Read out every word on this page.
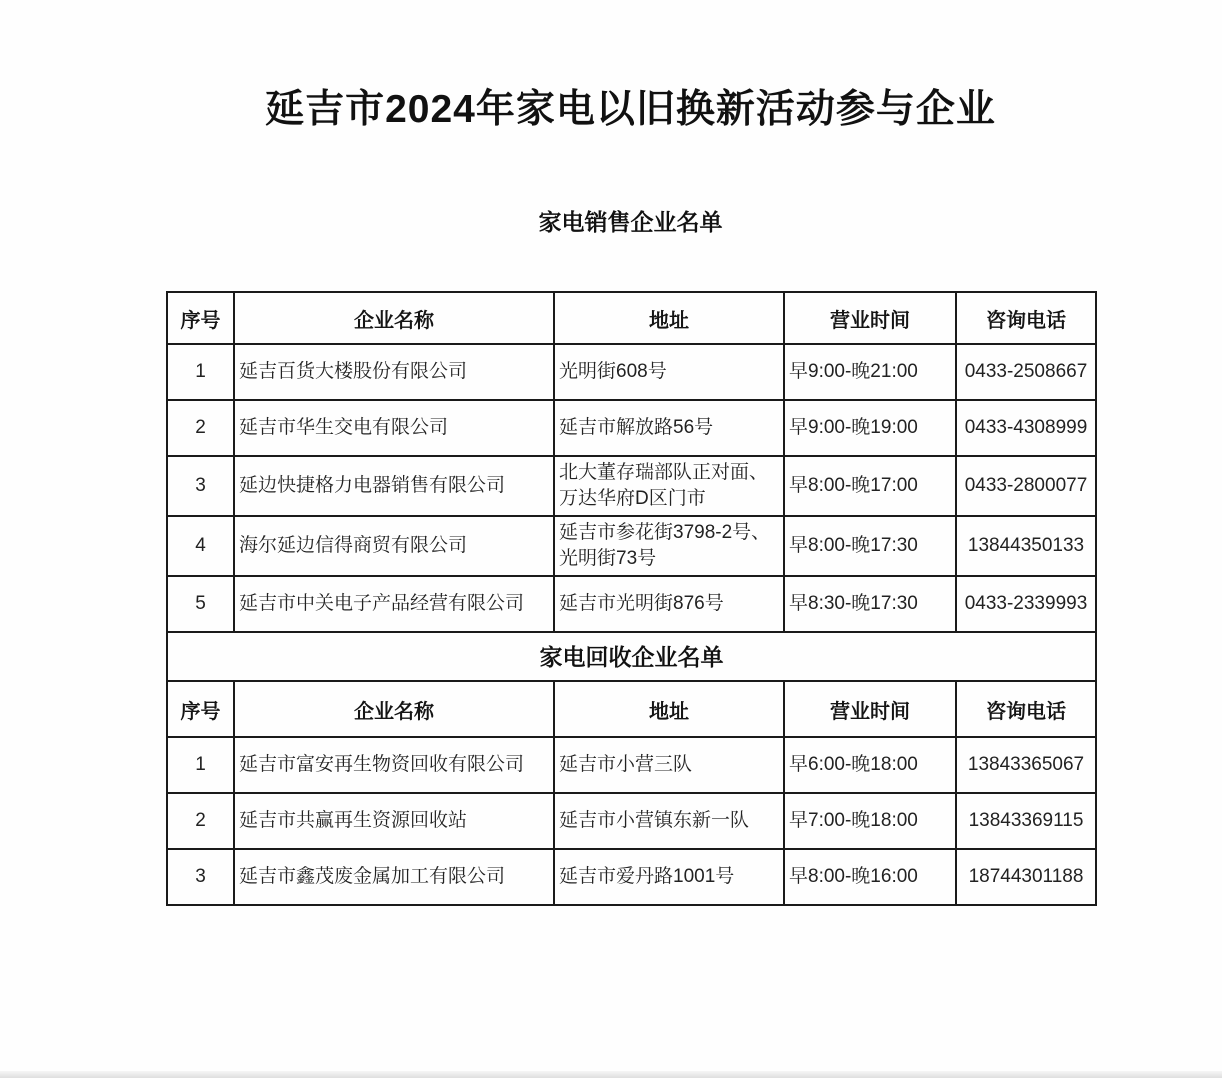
延吉市2024年家电以旧换新活动参与企业
家电销售企业名单
序号	企业名称	地址	营业时间	咨询电话
1	延吉百货大楼股份有限公司	光明街608号	早9:00-晚21:00	0433-2508667
2	延吉市华生交电有限公司	延吉市解放路56号	早9:00-晚19:00	0433-4308999
3	延边快捷格力电器销售有限公司	北大董存瑞部队正对面、万达华府D区门市	早8:00-晚17:00	0433-2800077
4	海尔延边信得商贸有限公司	延吉市参花街3798-2号、光明街73号	早8:00-晚17:30	13844350133
5	延吉市中关电子产品经营有限公司	延吉市光明街876号	早8:30-晚17:30	0433-2339993
家电回收企业名单				
序号	企业名称	地址	营业时间	咨询电话
1	延吉市富安再生物资回收有限公司	延吉市小营三队	早6:00-晚18:00	13843365067
2	延吉市共赢再生资源回收站	延吉市小营镇东新一队	早7:00-晚18:00	13843369115
3	延吉市鑫茂废金属加工有限公司	延吉市爱丹路1001号	早8:00-晚16:00	18744301188
